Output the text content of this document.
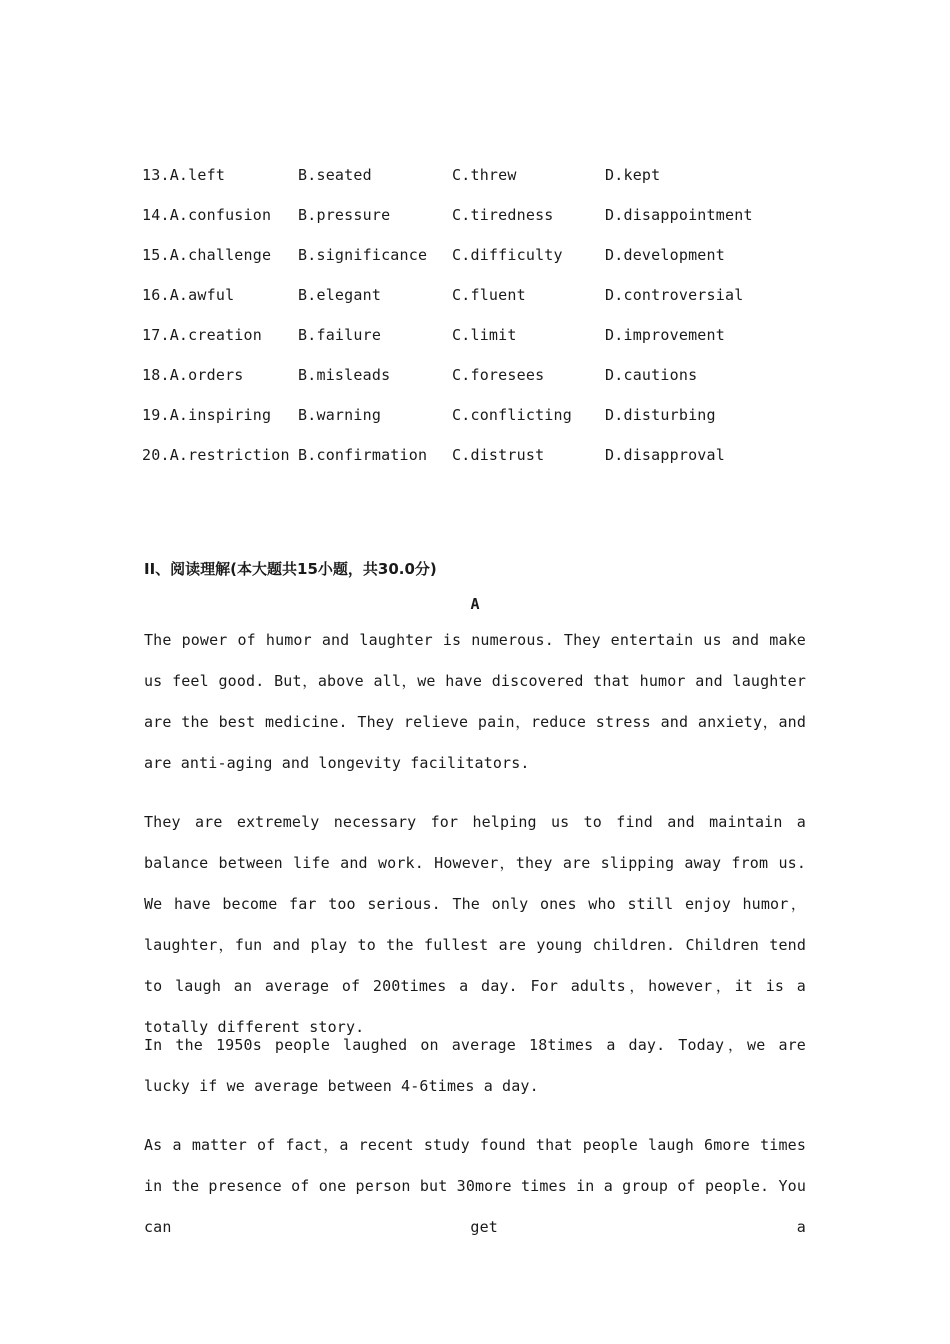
13.A.left	B.seated	C.threw	D.kept
14.A.confusion	B.pressure	C.tiredness	D.disappointment
15.A.challenge	B.significance	C.difficulty	D.development
16.A.awful	B.elegant	C.fluent	D.controversial
17.A.creation	B.failure	C.limit	D.improvement
18.A.orders	B.misleads	C.foresees	D.cautions
19.A.inspiring	B.warning	C.conflicting	D.disturbing
20.A.restriction B.confirmation	C.distrust	D.disapproval
II、阅读理解(本大题共15小题，共30.0分)
A

The power of humor and laughter is numerous. They entertain us and make us feel good. But，above all，we have discovered that humor and laughter are the best medicine. They relieve pain，reduce stress and anxiety，and are anti-aging and longevity facilitators.

They are extremely necessary for helping us to find and maintain a balance between life and work. However，they are slipping away from us. We have become far too serious. The only ones who still enjoy humor，laughter，fun and play to the fullest are young children. Children tend to laugh an average of 200times a day. For adults，however，it is a totally different story.

In the 1950s people laughed on average 18times a day. Today，we are lucky if we average between 4-6times a day.

As a matter of fact，a recent study found that people laugh 6more times in the presence of one person but 30more times in a group of people. You can get a
